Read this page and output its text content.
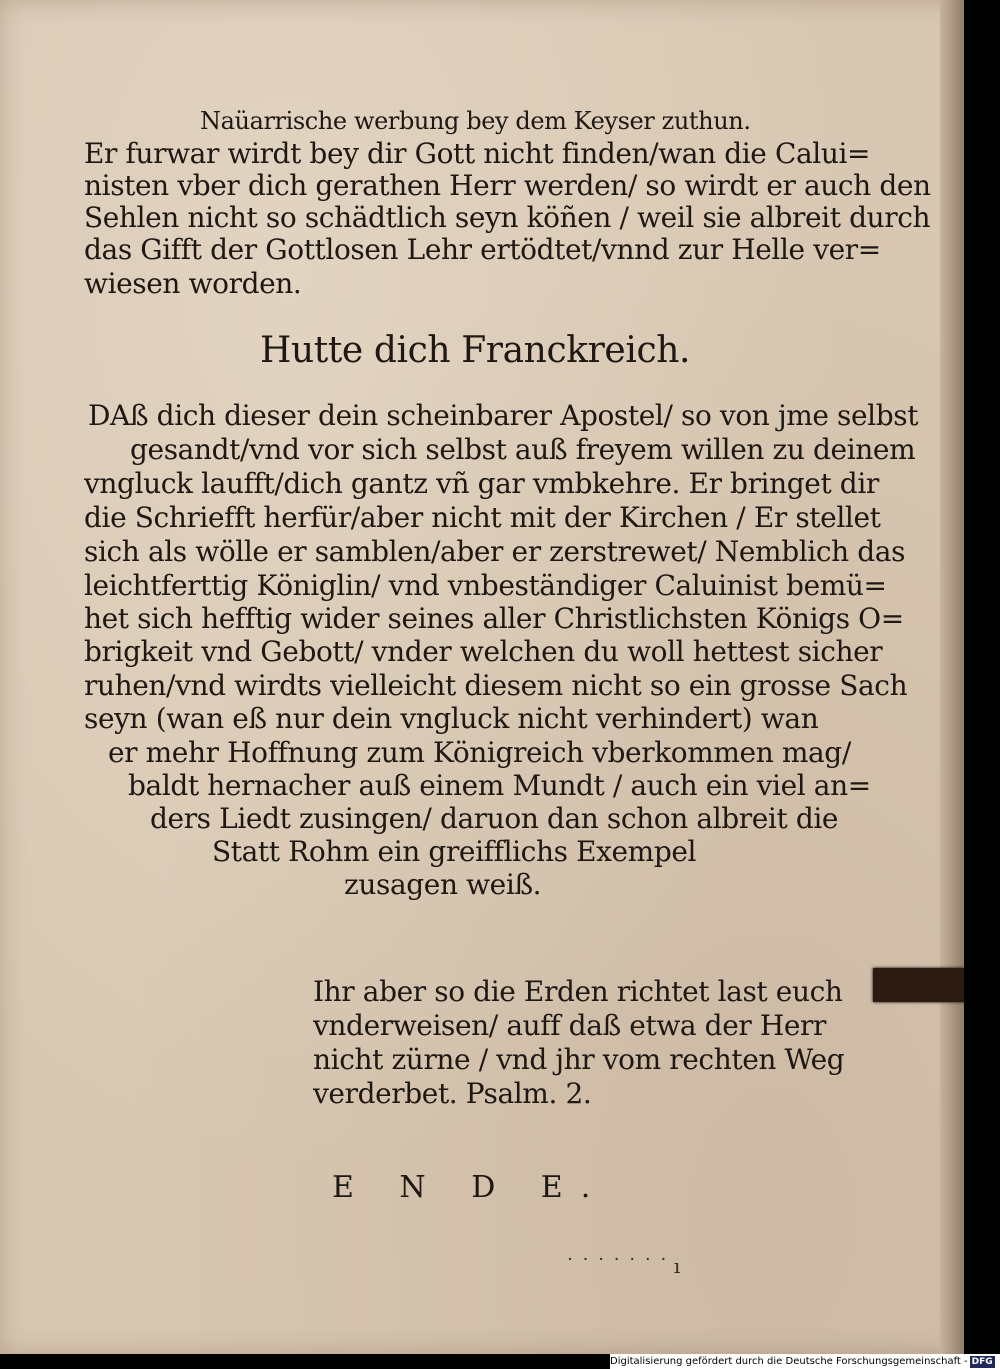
Naüarrische werbung bey dem Keyser zuthun.
Er furwar wirdt bey dir Gott nicht finden/wan die Calui=
nisten vber dich gerathen Herr werden/ so wirdt er auch den
Sehlen nicht so schädtlich seyn köñen / weil sie albreit durch
das Gifft der Gottlosen Lehr ertödtet/vnnd zur Helle ver=
wiesen worden.
Hutte dich Franckreich.
DAß dich dieser dein scheinbarer Apostel/ so von jme selbst
gesandt/vnd vor sich selbst auß freyem willen zu deinem
vngluck laufft/dich gantz vñ gar vmbkehre. Er bringet dir
die Schriefft herfür/aber nicht mit der Kirchen / Er stellet
sich als wölle er samblen/aber er zerstrewet/ Nemblich das
leichtferttig Königlin/ vnd vnbeständiger Caluinist bemü=
het sich hefftig wider seines aller Christlichsten Königs O=
brigkeit vnd Gebott/ vnder welchen du woll hettest sicher
ruhen/vnd wirdts vielleicht diesem nicht so ein grosse Sach
seyn (wan eß nur dein vngluck nicht verhindert) wan
er mehr Hoffnung zum Königreich vberkommen mag/
baldt hernacher auß einem Mundt / auch ein viel an=
ders Liedt zusingen/ daruon dan schon albreit die
Statt Rohm ein greifflichs Exempel
zusagen weiß.
Ihr aber so die Erden richtet last euch
vnderweisen/ auff daß etwa der Herr
nicht zürne / vnd jhr vom rechten Weg
verderbet. Psalm. 2.
E N D E.
˙ ˙ ˙ ˙ ˙ ˙ ˙ ı
Digitalisierung gefördert durch die Deutsche Forschungsgemeinschaft - DFG
